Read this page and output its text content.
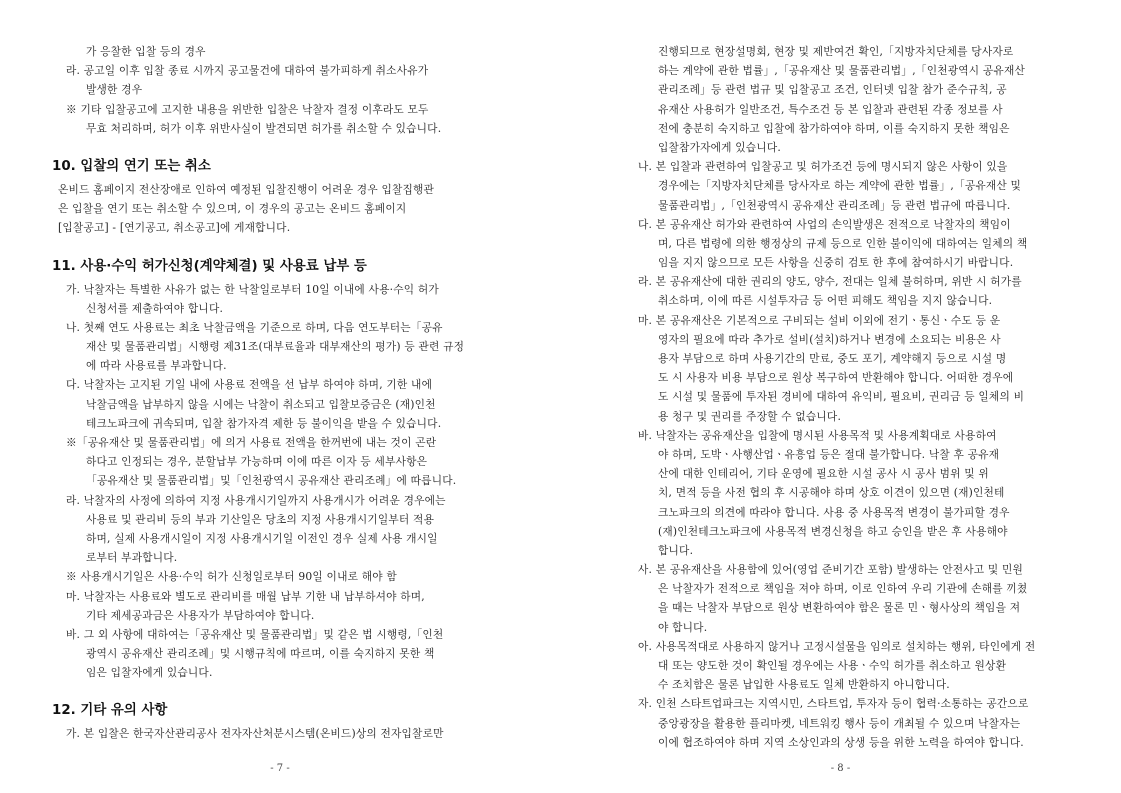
가 응찰한 입찰 등의 경우
라. 공고일 이후 입찰 종료 시까지 공고물건에 대하여 불가피하게 취소사유가
발생한 경우
※ 기타 입찰공고에 고지한 내용을 위반한 입찰은 낙찰자 결정 이후라도 모두
무효 처리하며, 허가 이후 위반사실이 발견되면 허가를 취소할 수 있습니다.
10. 입찰의 연기 또는 취소
온비드 홈페이지 전산장애로 인하여 예정된 입찰진행이 어려운 경우 입찰집행관
은 입찰을 연기 또는 취소할 수 있으며, 이 경우의 공고는 온비드 홈페이지
[입찰공고] - [연기공고, 취소공고]에 게재합니다.
11. 사용·수익 허가신청(계약체결) 및 사용료 납부 등
가. 낙찰자는 특별한 사유가 없는 한 낙찰일로부터 10일 이내에 사용·수익 허가
신청서를 제출하여야 합니다.
나. 첫째 연도 사용료는 최초 낙찰금액을 기준으로 하며, 다음 연도부터는「공유
재산 및 물품관리법」시행령 제31조(대부료율과 대부재산의 평가) 등 관련 규정
에 따라 사용료를 부과합니다.
다. 낙찰자는 고지된 기일 내에 사용료 전액을 선 납부 하여야 하며, 기한 내에
낙찰금액을 납부하지 않을 시에는 낙찰이 취소되고 입찰보증금은 (재)인천
테크노파크에 귀속되며, 입찰 참가자격 제한 등 불이익을 받을 수 있습니다.
※「공유재산 및 물품관리법」에 의거 사용료 전액을 한꺼번에 내는 것이 곤란
하다고 인정되는 경우, 분할납부 가능하며 이에 따른 이자 등 세부사항은
「공유재산 및 물품관리법」및「인천광역시 공유재산 관리조례」에 따릅니다.
라. 낙찰자의 사정에 의하여 지정 사용개시기일까지 사용개시가 어려운 경우에는
사용료 및 관리비 등의 부과 기산일은 당초의 지정 사용개시기일부터 적용
하며, 실제 사용개시일이 지정 사용개시기일 이전인 경우 실제 사용 개시일
로부터 부과합니다.
※ 사용개시기일은 사용·수익 허가 신청일로부터 90일 이내로 해야 함
마. 낙찰자는 사용료와 별도로 관리비를 매월 납부 기한 내 납부하셔야 하며,
기타 제세공과금은 사용자가 부담하여야 합니다.
바. 그 외 사항에 대하여는「공유재산 및 물품관리법」및 같은 법 시행령,「인천
광역시 공유재산 관리조례」및 시행규칙에 따르며, 이를 숙지하지 못한 책
임은 입찰자에게 있습니다.
12. 기타 유의 사항
가. 본 입찰은 한국자산관리공사 전자자산처분시스템(온비드)상의 전자입찰로만
- 7 -
진행되므로 현장설명회, 현장 및 제반여건 확인,「지방자치단체를 당사자로
하는 계약에 관한 법률」,「공유재산 및 물품관리법」,「인천광역시 공유재산
관리조례」등 관련 법규 및 입찰공고 조건, 인터넷 입찰 참가 준수규칙, 공
유재산 사용허가 일반조건, 특수조건 등 본 입찰과 관련된 각종 정보를 사
전에 충분히 숙지하고 입찰에 참가하여야 하며, 이를 숙지하지 못한 책임은
입찰참가자에게 있습니다.
나. 본 입찰과 관련하여 입찰공고 및 허가조건 등에 명시되지 않은 사항이 있을
경우에는「지방자치단체를 당사자로 하는 계약에 관한 법률」,「공유재산 및
물품관리법」,「인천광역시 공유재산 관리조례」등 관련 법규에 따릅니다.
다. 본 공유재산 허가와 관련하여 사업의 손익발생은 전적으로 낙찰자의 책임이
며, 다른 법령에 의한 행정상의 규제 등으로 인한 불이익에 대하여는 일체의 책
임을 지지 않으므로 모든 사항을 신중히 검토 한 후에 참여하시기 바랍니다.
라. 본 공유재산에 대한 권리의 양도, 양수, 전대는 일체 불허하며, 위반 시 허가를
취소하며, 이에 따른 시설투자금 등 어떤 피해도 책임을 지지 않습니다.
마. 본 공유재산은 기본적으로 구비되는 설비 이외에 전기ㆍ통신ㆍ수도 등 운
영자의 필요에 따라 추가로 설비(설치)하거나 변경에 소요되는 비용은 사
용자 부담으로 하며 사용기간의 만료, 중도 포기, 계약해지 등으로 시설 명
도 시 사용자 비용 부담으로 원상 복구하여 반환해야 합니다. 어떠한 경우에
도 시설 및 물품에 투자된 경비에 대하여 유익비, 필요비, 권리금 등 일체의 비
용 청구 및 권리를 주장할 수 없습니다.
바. 낙찰자는 공유재산을 입찰에 명시된 사용목적 및 사용계획대로 사용하여
야 하며, 도박ㆍ사행산업ㆍ유흥업 등은 절대 불가합니다. 낙찰 후 공유재
산에 대한 인테리어, 기타 운영에 필요한 시설 공사 시 공사 범위 및 위
치, 면적 등을 사전 협의 후 시공해야 하며 상호 이견이 있으면 (재)인천테
크노파크의 의견에 따라야 합니다. 사용 중 사용목적 변경이 불가피할 경우
(재)인천테크노파크에 사용목적 변경신청을 하고 승인을 받은 후 사용해야
합니다.
사. 본 공유재산을 사용함에 있어(영업 준비기간 포함) 발생하는 안전사고 및 민원
은 낙찰자가 전적으로 책임을 져야 하며, 이로 인하여 우리 기관에 손해를 끼쳤
을 때는 낙찰자 부담으로 원상 변환하여야 함은 물론 민ㆍ형사상의 책임을 져
야 합니다.
아. 사용목적대로 사용하지 않거나 고정시설물을 임의로 설치하는 행위, 타인에게 전
대 또는 양도한 것이 확인될 경우에는 사용ㆍ수익 허가를 취소하고 원상환
수 조치함은 물론 납입한 사용료도 일체 반환하지 아니합니다.
자. 인천 스타트업파크는 지역시민, 스타트업, 투자자 등이 협력·소통하는 공간으로
중앙광장을 활용한 플리마켓, 네트워킹 행사 등이 개최될 수 있으며 낙찰자는
이에 협조하여야 하며 지역 소상인과의 상생 등을 위한 노력을 하여야 합니다.
- 8 -
